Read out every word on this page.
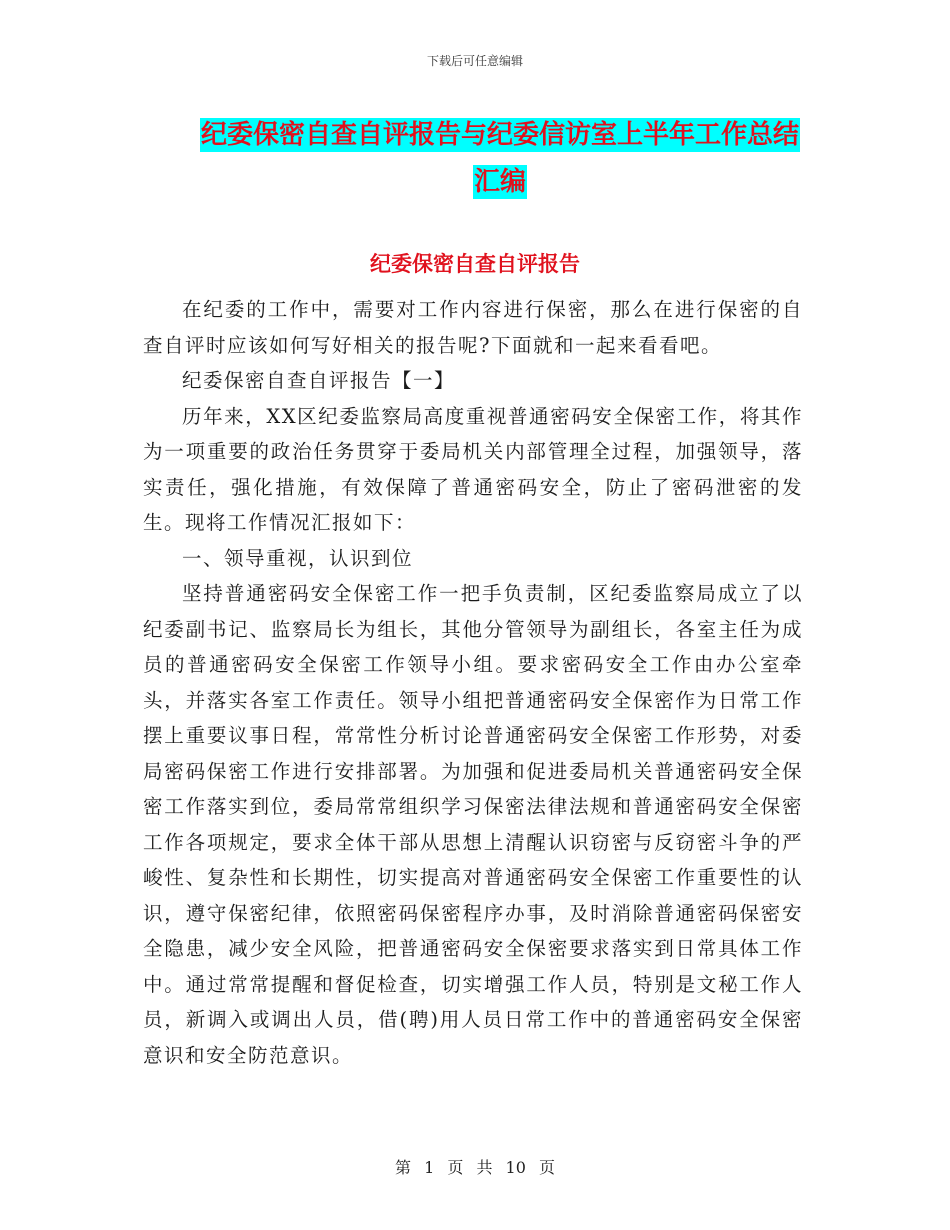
下载后可任意编辑
纪委保密自查自评报告与纪委信访室上半年工作总结
汇编
纪委保密自查自评报告

在纪委的工作中，需要对工作内容进行保密，那么在进行保密的自查自评时应该如何写好相关的报告呢?下面就和一起来看看吧。

纪委保密自查自评报告【一】

历年来，XX区纪委监察局高度重视普通密码安全保密工作，将其作为一项重要的政治任务贯穿于委局机关内部管理全过程，加强领导，落实责任，强化措施，有效保障了普通密码安全，防止了密码泄密的发生。现将工作情况汇报如下：

一、领导重视，认识到位

坚持普通密码安全保密工作一把手负责制，区纪委监察局成立了以纪委副书记、监察局长为组长，其他分管领导为副组长，各室主任为成员的普通密码安全保密工作领导小组。要求密码安全工作由办公室牵头，并落实各室工作责任。领导小组把普通密码安全保密作为日常工作摆上重要议事日程，常常性分析讨论普通密码安全保密工作形势，对委局密码保密工作进行安排部署。为加强和促进委局机关普通密码安全保密工作落实到位，委局常常组织学习保密法律法规和普通密码安全保密工作各项规定，要求全体干部从思想上清醒认识窃密与反窃密斗争的严峻性、复杂性和长期性，切实提高对普通密码安全保密工作重要性的认识，遵守保密纪律，依照密码保密程序办事，及时消除普通密码保密安全隐患，减少安全风险，把普通密码安全保密要求落实到日常具体工作中。通过常常提醒和督促检查，切实增强工作人员，特别是文秘工作人员，新调入或调出人员，借(聘)用人员日常工作中的普通密码安全保密意识和安全防范意识。

第 1 页 共 10 页
